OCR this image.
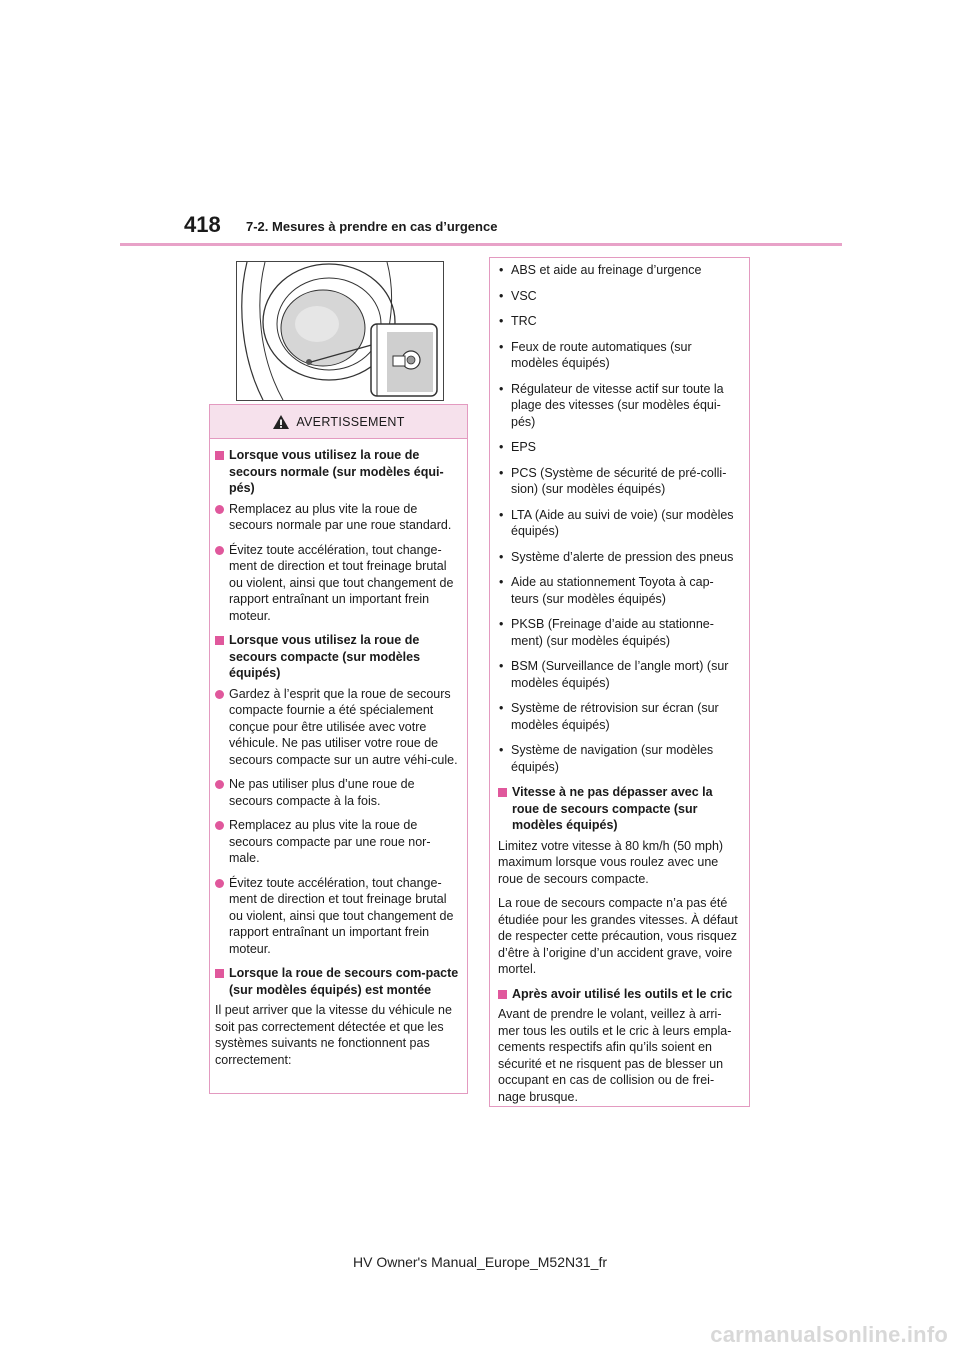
418 7-2. Mesures à prendre en cas d’urgence
AVERTISSEMENT
Lorsque vous utilisez la roue de secours normale (sur modèles équi-pés)
Remplacez au plus vite la roue de secours normale par une roue standard.
Évitez toute accélération, tout change-ment de direction et tout freinage brutal ou violent, ainsi que tout changement de rapport entraînant un important frein moteur.
Lorsque vous utilisez la roue de secours compacte (sur modèles équipés)
Gardez à l’esprit que la roue de secours compacte fournie a été spécialement conçue pour être utilisée avec votre véhicule. Ne pas utiliser votre roue de secours compacte sur un autre véhi-cule.
Ne pas utiliser plus d’une roue de secours compacte à la fois.
Remplacez au plus vite la roue de secours compacte par une roue nor-male.
Évitez toute accélération, tout change-ment de direction et tout freinage brutal ou violent, ainsi que tout changement de rapport entraînant un important frein moteur.
Lorsque la roue de secours com-pacte (sur modèles équipés) est montée
Il peut arriver que la vitesse du véhicule ne soit pas correctement détectée et que les systèmes suivants ne fonctionnent pas correctement:
• ABS et aide au freinage d’urgence
• VSC
• TRC
• Feux de route automatiques (sur modèles équipés)
• Régulateur de vitesse actif sur toute la plage des vitesses (sur modèles équi-pés)
• EPS
• PCS (Système de sécurité de pré-colli-sion) (sur modèles équipés)
• LTA (Aide au suivi de voie) (sur modèles équipés)
• Système d’alerte de pression des pneus
• Aide au stationnement Toyota à cap-teurs (sur modèles équipés)
• PKSB (Freinage d’aide au stationne-ment) (sur modèles équipés)
• BSM (Surveillance de l’angle mort) (sur modèles équipés)
• Système de rétrovision sur écran (sur modèles équipés)
• Système de navigation (sur modèles équipés)
Vitesse à ne pas dépasser avec la roue de secours compacte (sur modèles équipés)
Limitez votre vitesse à 80 km/h (50 mph) maximum lorsque vous roulez avec une roue de secours compacte.
La roue de secours compacte n’a pas été étudiée pour les grandes vitesses. À défaut de respecter cette précaution, vous risquez d’être à l’origine d’un accident grave, voire mortel.
Après avoir utilisé les outils et le cric
Avant de prendre le volant, veillez à arri-mer tous les outils et le cric à leurs empla-cements respectifs afin qu’ils soient en sécurité et ne risquent pas de blesser un occupant en cas de collision ou de frei-nage brusque.
HV Owner's Manual_Europe_M52N31_fr
carmanualsonline.info
